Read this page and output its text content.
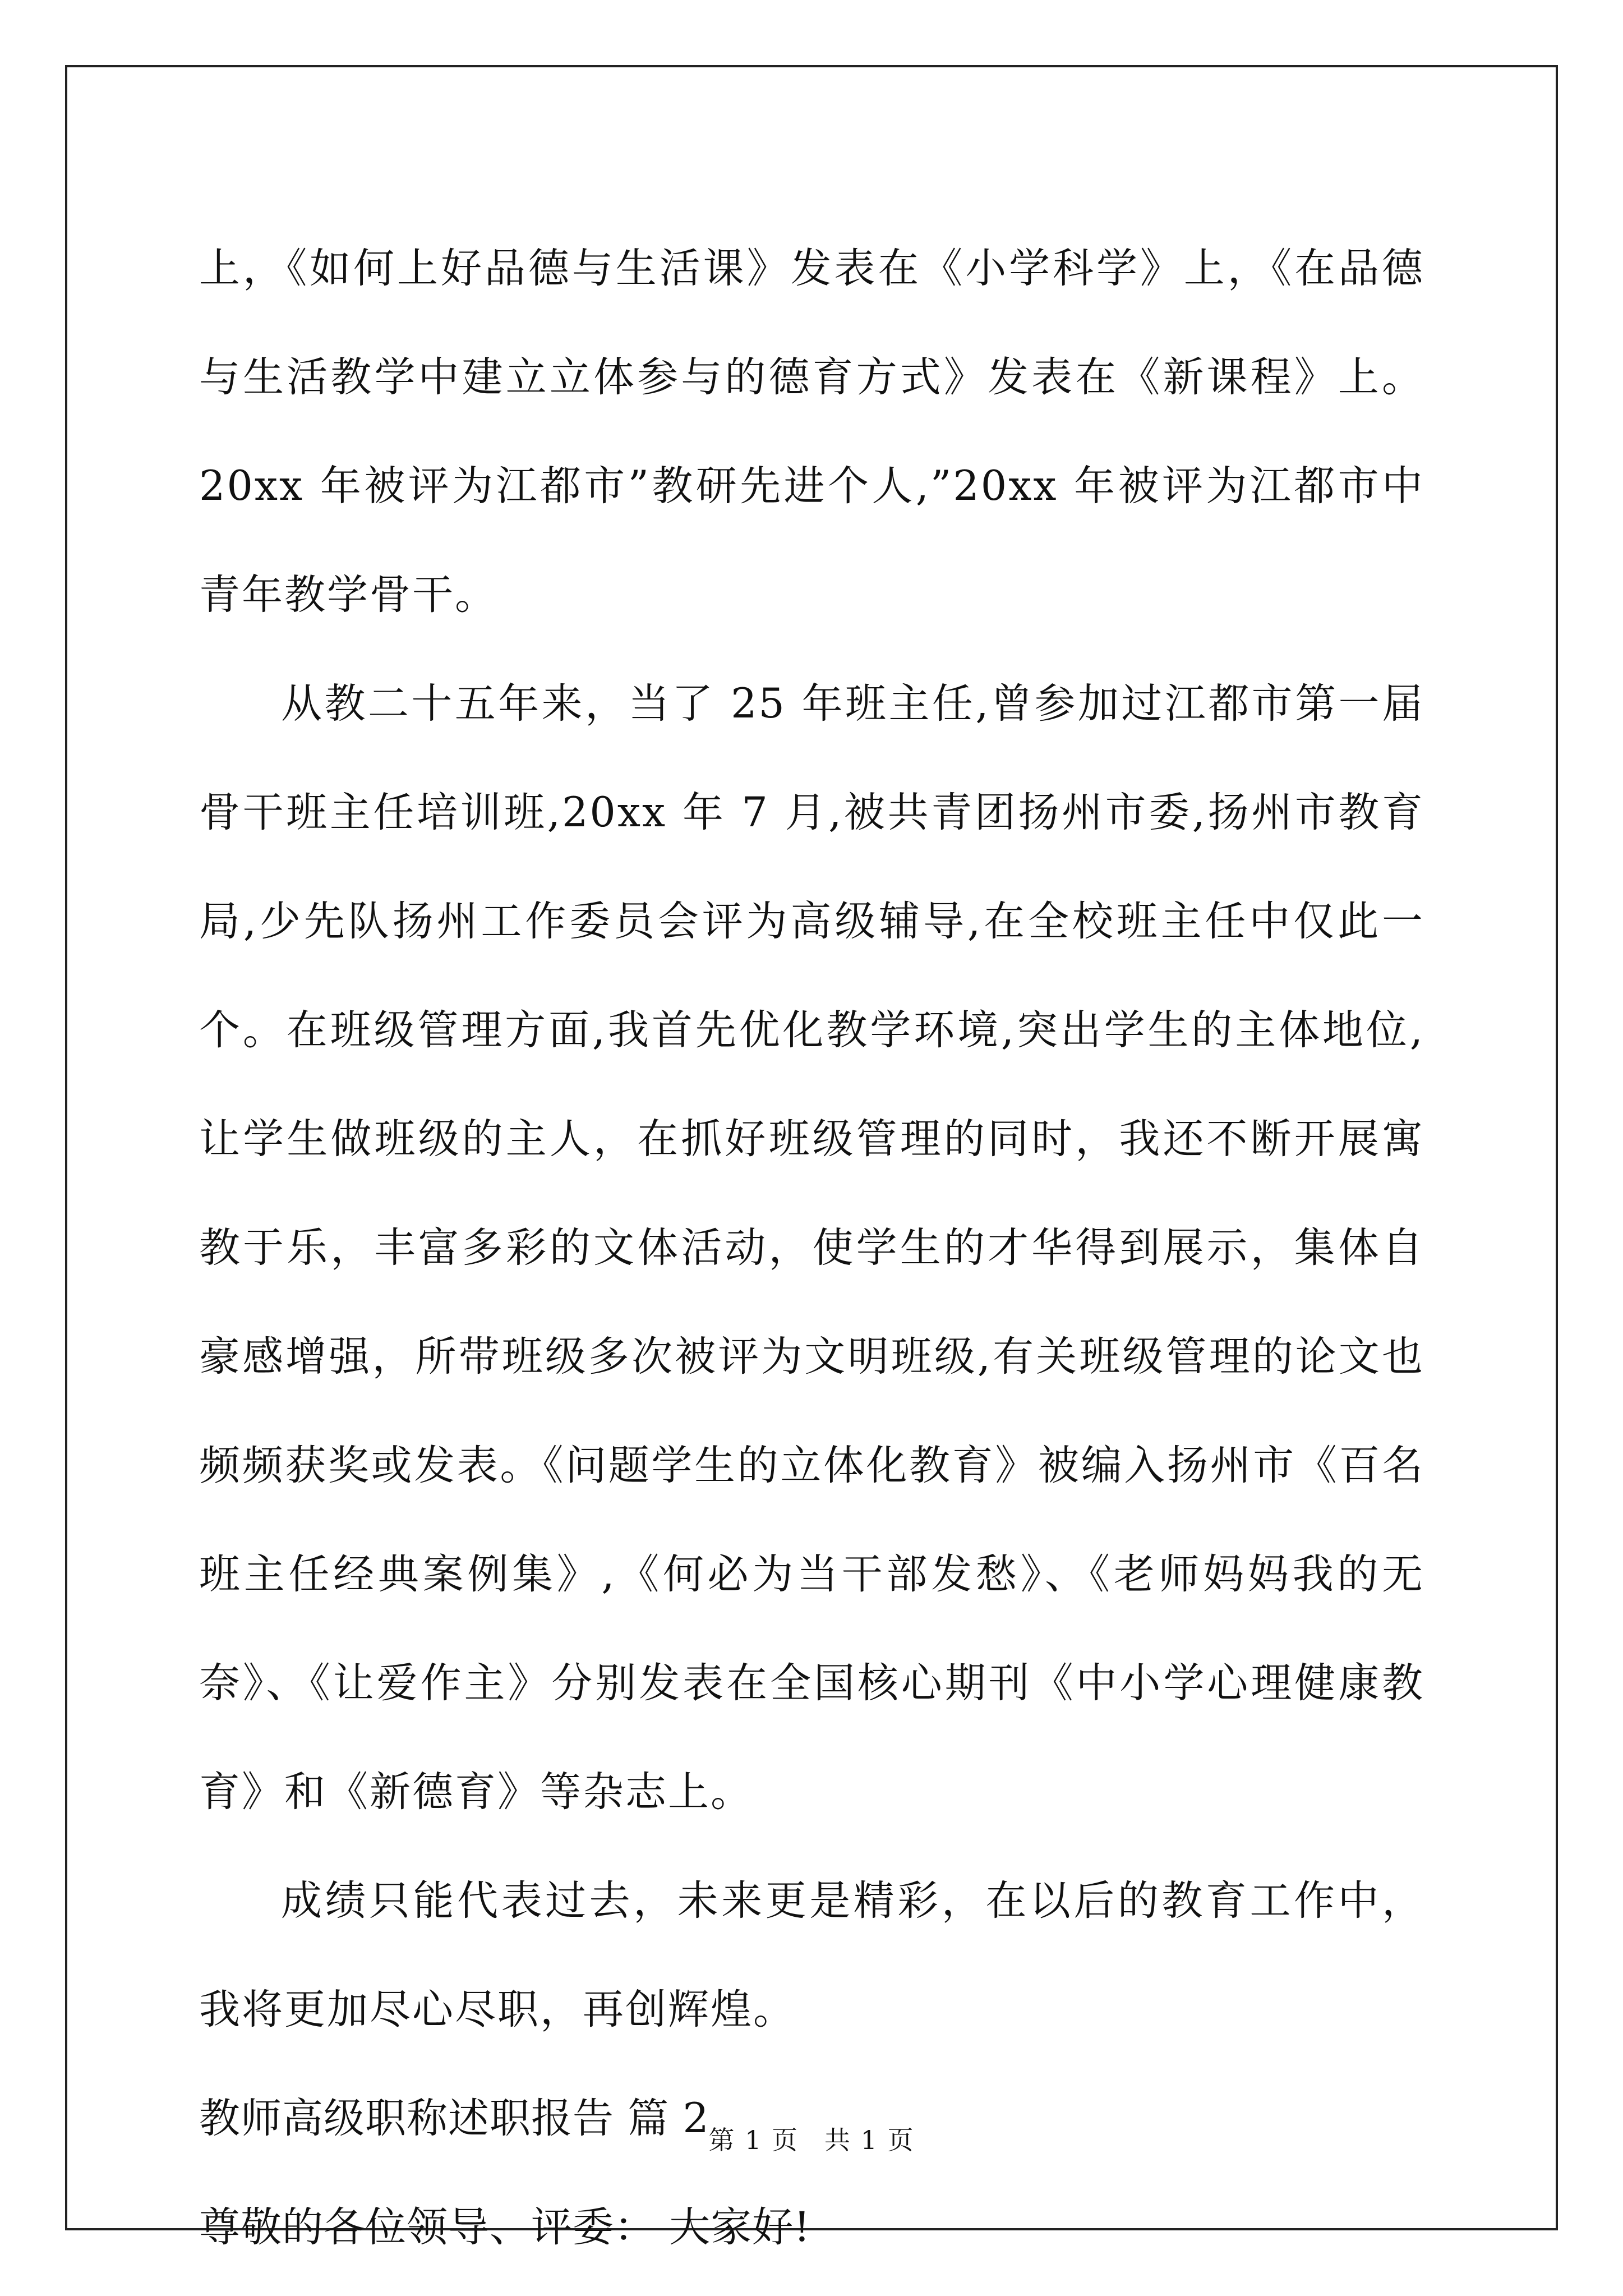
上，《如何上好品德与生活课》发表在《小学科学》上，《在品德与生活教学中建立立体参与的德育方式》发表在《新课程》上。20xx 年被评为江都市”教研先进个人,”20xx 年被评为江都市中青年教学骨干。

从教二十五年来，当了 25 年班主任,曾参加过江都市第一届骨干班主任培训班,20xx 年 7 月,被共青团扬州市委,扬州市教育局,少先队扬州工作委员会评为高级辅导,在全校班主任中仅此一个。在班级管理方面,我首先优化教学环境,突出学生的主体地位,让学生做班级的主人，在抓好班级管理的同时，我还不断开展寓教于乐，丰富多彩的文体活动，使学生的才华得到展示，集体自豪感增强，所带班级多次被评为文明班级,有关班级管理的论文也频频获奖或发表。《问题学生的立体化教育》被编入扬州市《百名班主任经典案例集》,《何必为当干部发愁》、《老师妈妈我的无奈》、《让爱作主》分别发表在全国核心期刊《中小学心理健康教育》和《新德育》等杂志上。

成绩只能代表过去，未来更是精彩，在以后的教育工作中，我将更加尽心尽职，再创辉煌。

教师高级职称述职报告 篇 2

尊敬的各位领导、评委： 大家好!

第 1 页 共 1 页
